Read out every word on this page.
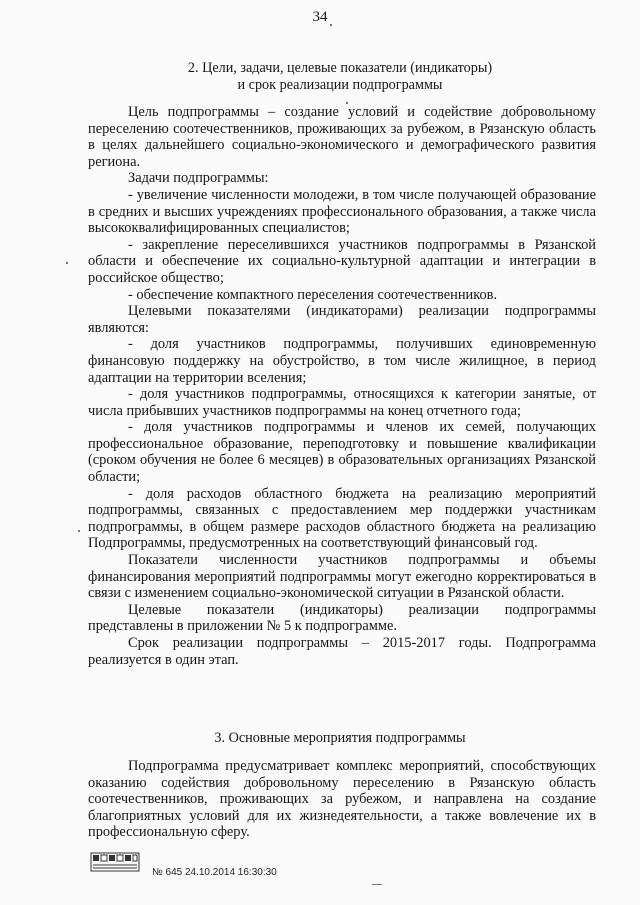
34
2. Цели, задачи, целевые показатели (индикаторы)
и срок реализации подпрограммы

Цель подпрограммы – создание условий и содействие добровольному переселению соотечественников, проживающих за рубежом, в Рязанскую область в целях дальнейшего социально-экономического и демографического развития региона.

Задачи подпрограммы:

- увеличение численности молодежи, в том числе получающей образование в средних и высших учреждениях профессионального образования, а также числа высококвалифицированных специалистов;

- закрепление переселившихся участников подпрограммы в Рязанской области и обеспечение их социально-культурной адаптации и интеграции в российское общество;

- обеспечение компактного переселения соотечественников.

Целевыми показателями (индикаторами) реализации подпрограммы являются:

- доля участников подпрограммы, получивших единовременную финансовую поддержку на обустройство, в том числе жилищное, в период адаптации на территории вселения;

- доля участников подпрограммы, относящихся к категории занятые, от числа прибывших участников подпрограммы на конец отчетного года;

- доля участников подпрограммы и членов их семей, получающих профессиональное образование, переподготовку и повышение квалификации (сроком обучения не более 6 месяцев) в образовательных организациях Рязанской области;

- доля расходов областного бюджета на реализацию мероприятий подпрограммы, связанных с предоставлением мер поддержки участникам подпрограммы, в общем размере расходов областного бюджета на реализацию Подпрограммы, предусмотренных на соответствующий финансовый год.

Показатели численности участников подпрограммы и объемы финансирования мероприятий подпрограммы могут ежегодно корректироваться в связи с изменением социально-экономической ситуации в Рязанской области.

Целевые показатели (индикаторы) реализации подпрограммы представлены в приложении № 5 к подпрограмме.

Срок реализации подпрограммы – 2015-2017 годы. Подпрограмма реализуется в один этап.

3. Основные мероприятия подпрограммы

Подпрограмма предусматривает комплекс мероприятий, способствующих оказанию содействия добровольному переселению в Рязанскую область соотечественников, проживающих за рубежом, и направлена на создание благоприятных условий для их жизнедеятельности, а также вовлечение их в профессиональную сферу.

№ 645 24.10.2014 16:30:30
